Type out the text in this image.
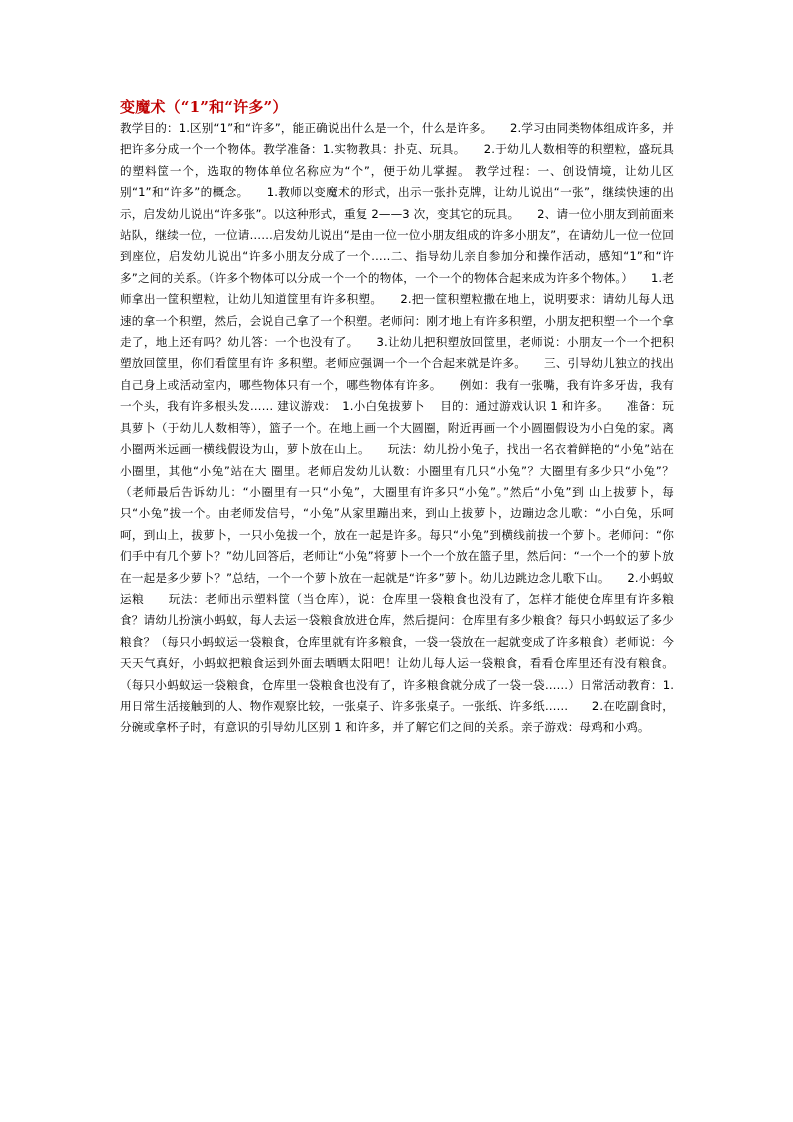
变魔术（“1”和“许多”）

教学目的：1.区别“1”和“许多”，能正确说出什么是一个，什么是许多。　　2.学习由同类物体组成许多，并把许多分成一个一个物体。教学准备：1.实物教具：扑克、玩具。　　2.于幼儿人数相等的积塑粒，盛玩具的塑料筐一个，选取的物体单位名称应为“个”，便于幼儿掌握。 教学过程：一、创设情境，让幼儿区别“1”和“许多”的概念。　　1.教师以变魔术的形式，出示一张扑克牌，让幼儿说出“一张”，继续快速的出示，启发幼儿说出“许多张”。以这种形式，重复 2——3 次，变其它的玩具。　　2、请一位小朋友到前面来站队，继续一位，一位请……启发幼儿说出“是由一位一位小朋友组成的许多小朋友”，在请幼儿一位一位回到座位，启发幼儿说出“许多小朋友分成了一个…..二、指导幼儿亲自参加分和操作活动，感知“1”和“许多”之间的关系。（许多个物体可以分成一个一个的物体，一个一个的物体合起来成为许多个物体。）　　1.老师拿出一筐积塑粒，让幼儿知道筐里有许多积塑。　　2.把一筐积塑粒撒在地上，说明要求：请幼儿每人迅速的拿一个积塑，然后，会说自己拿了一个积塑。老师问：刚才地上有许多积塑，小朋友把积塑一个一个拿走了，地上还有吗？幼儿答：一个也没有了。　　3.让幼儿把积塑放回筐里，老师说：小朋友一个一个把积塑放回筐里，你们看筐里有许 多积塑。老师应强调一个一个合起来就是许多。　　三、引导幼儿独立的找出自己身上或活动室内，哪些物体只有一个，哪些物体有许多。　　例如：我有一张嘴，我有许多牙齿，我有一个头，我有许多根头发…… 建议游戏：　1.小白兔拔萝卜　 目的：通过游戏认识 1 和许多。　　准备：玩具萝卜（于幼儿人数相等），篮子一个。在地上画一个大圆圈，附近再画一个小圆圈假设为小白兔的家。离小圈两米远画一横线假设为山，萝卜放在山上。　　玩法：幼儿扮小兔子，找出一名衣着鲜艳的“小兔”站在小圈里，其他“小兔”站在大 圈里。老师启发幼儿认数：小圈里有几只“小兔”？大圈里有多少只“小兔”？（老师最后告诉幼儿：“小圈里有一只“小兔”，大圈里有许多只“小兔”。”然后“小兔”到 山上拔萝卜，每只“小兔”拔一个。由老师发信号，“小兔”从家里蹦出来，到山上拔萝卜，边蹦边念儿歌：“小白兔，乐呵呵，到山上，拔萝卜，一只小兔拔一个，放在一起是许多。每只“小兔”到横线前拔一个萝卜。老师问：“你们手中有几个萝卜？”幼儿回答后，老师让“小兔”将萝卜一个一个放在篮子里，然后问：“一个一个的萝卜放在一起是多少萝卜？”总结，一个一个萝卜放在一起就是“许多”萝卜。幼儿边跳边念儿歌下山。　　2.小蚂蚁运粮　　玩法：老师出示塑料筐（当仓库），说：仓库里一袋粮食也没有了，怎样才能使仓库里有许多粮食？请幼儿扮演小蚂蚁，每人去运一袋粮食放进仓库，然后提问：仓库里有多少粮食？每只小蚂蚁运了多少粮食？（每只小蚂蚁运一袋粮食，仓库里就有许多粮食，一袋一袋放在一起就变成了许多粮食）老师说：今天天气真好，小蚂蚁把粮食运到外面去晒晒太阳吧！让幼儿每人运一袋粮食，看看仓库里还有没有粮食。（每只小蚂蚁运一袋粮食，仓库里一袋粮食也没有了，许多粮食就分成了一袋一袋……）日常活动教育：1.用日常生活接触到的人、物作观察比较，一张桌子、许多张桌子。一张纸、许多纸……　　2.在吃副食时，分碗或拿杯子时，有意识的引导幼儿区别 1 和许多，并了解它们之间的关系。亲子游戏：母鸡和小鸡。
